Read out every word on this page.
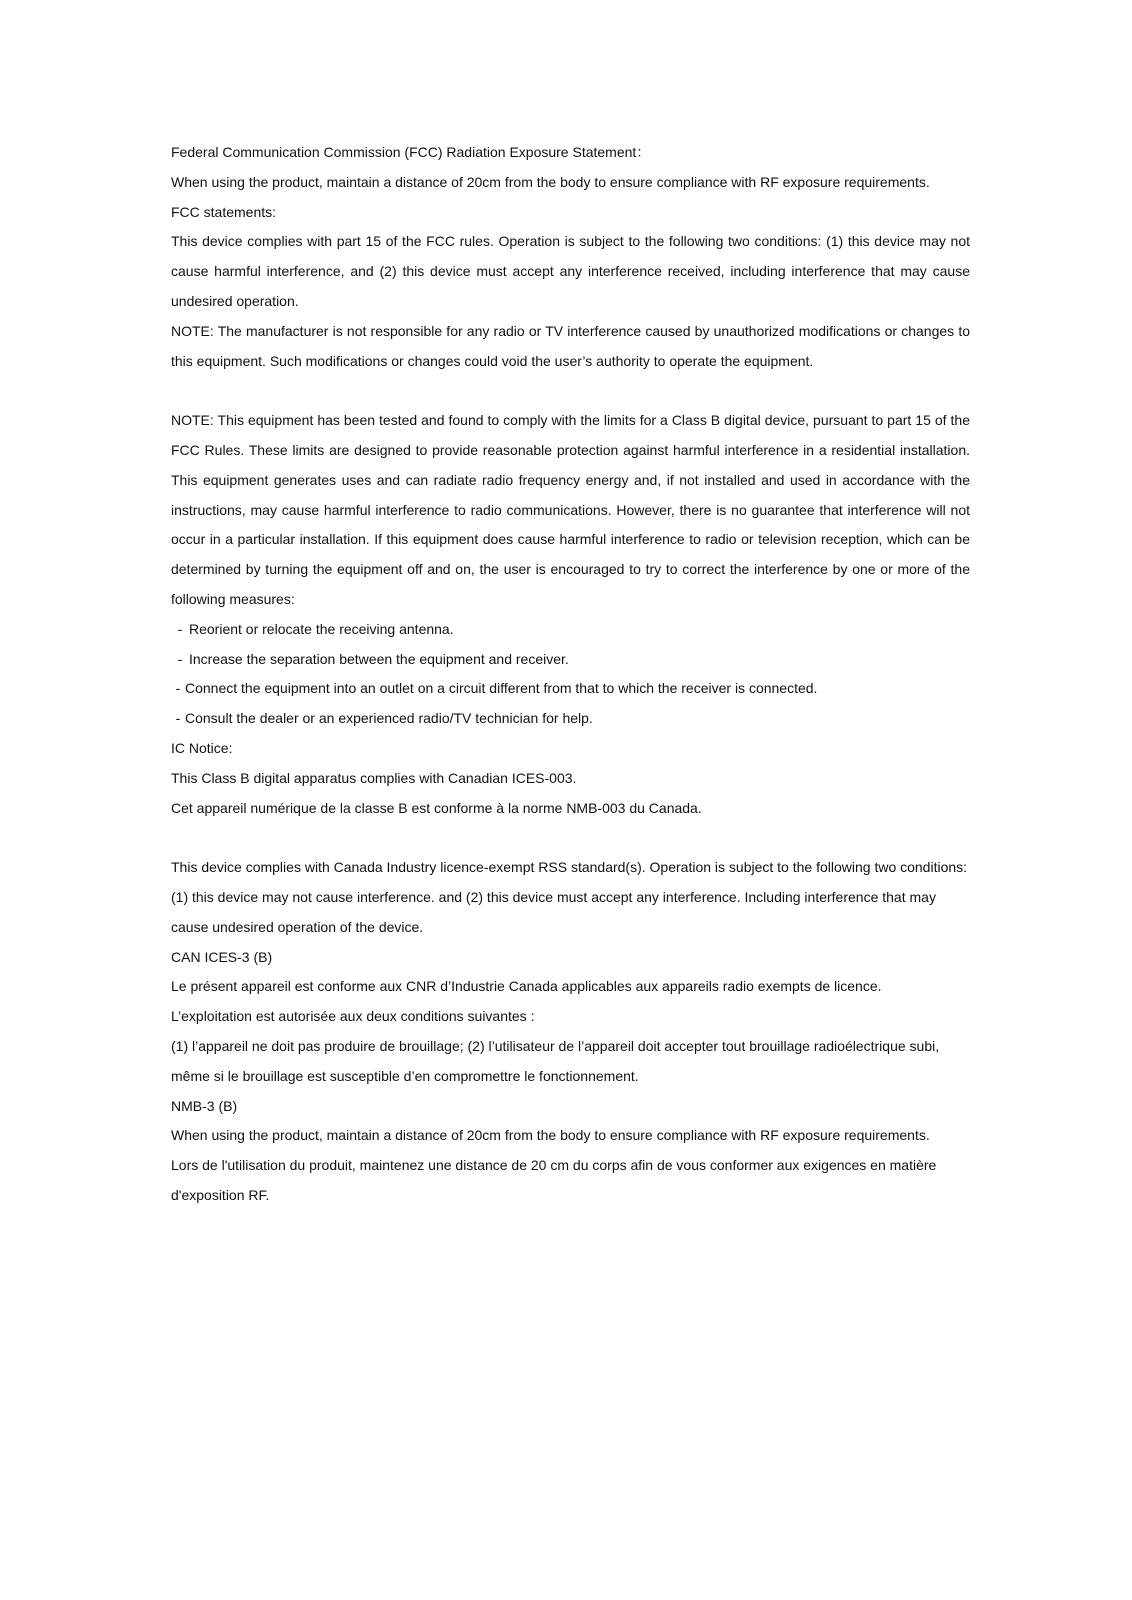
Federal Communication Commission (FCC) Radiation Exposure Statement：

When using the product, maintain a distance of 20cm from the body to ensure compliance with RF exposure requirements.

FCC statements:

This device complies with part 15 of the FCC rules. Operation is subject to the following two conditions: (1) this device may not cause harmful interference, and (2) this device must accept any interference received, including interference that may cause undesired operation.

NOTE: The manufacturer is not responsible for any radio or TV interference caused by unauthorized modifications or changes to this equipment. Such modifications or changes could void the user’s authority to operate the equipment.

NOTE: This equipment has been tested and found to comply with the limits for a Class B digital device, pursuant to part 15 of the FCC Rules. These limits are designed to provide reasonable protection against harmful interference in a residential installation. This equipment generates uses and can radiate radio frequency energy and, if not installed and used in accordance with the instructions, may cause harmful interference to radio communications. However, there is no guarantee that interference will not occur in a particular installation. If this equipment does cause harmful interference to radio or television reception, which can be determined by turning the equipment off and on, the user is encouraged to try to correct the interference by one or more of the following measures:

- Reorient or relocate the receiving antenna.

- Increase the separation between the equipment and receiver.

- Connect the equipment into an outlet on a circuit different from that to which the receiver is connected.

- Consult the dealer or an experienced radio/TV technician for help.

IC Notice:

This Class B digital apparatus complies with Canadian ICES-003.

Cet appareil numérique de la classe B est conforme à la norme NMB-003 du Canada.

This device complies with Canada Industry licence-exempt RSS standard(s). Operation is subject to the following two conditions: (1) this device may not cause interference. and (2) this device must accept any interference. Including interference that may cause undesired operation of the device.

CAN ICES-3 (B)

Le présent appareil est conforme aux CNR d’Industrie Canada applicables aux appareils radio exempts de licence.

L’exploitation est autorisée aux deux conditions suivantes :

(1) l’appareil ne doit pas produire de brouillage; (2) l’utilisateur de l’appareil doit accepter tout brouillage radioélectrique subi, même si le brouillage est susceptible d’en compromettre le fonctionnement.

NMB-3 (B)

When using the product, maintain a distance of 20cm from the body to ensure compliance with RF exposure requirements.

Lors de l'utilisation du produit, maintenez une distance de 20 cm du corps afin de vous conformer aux exigences en matière d'exposition RF.
